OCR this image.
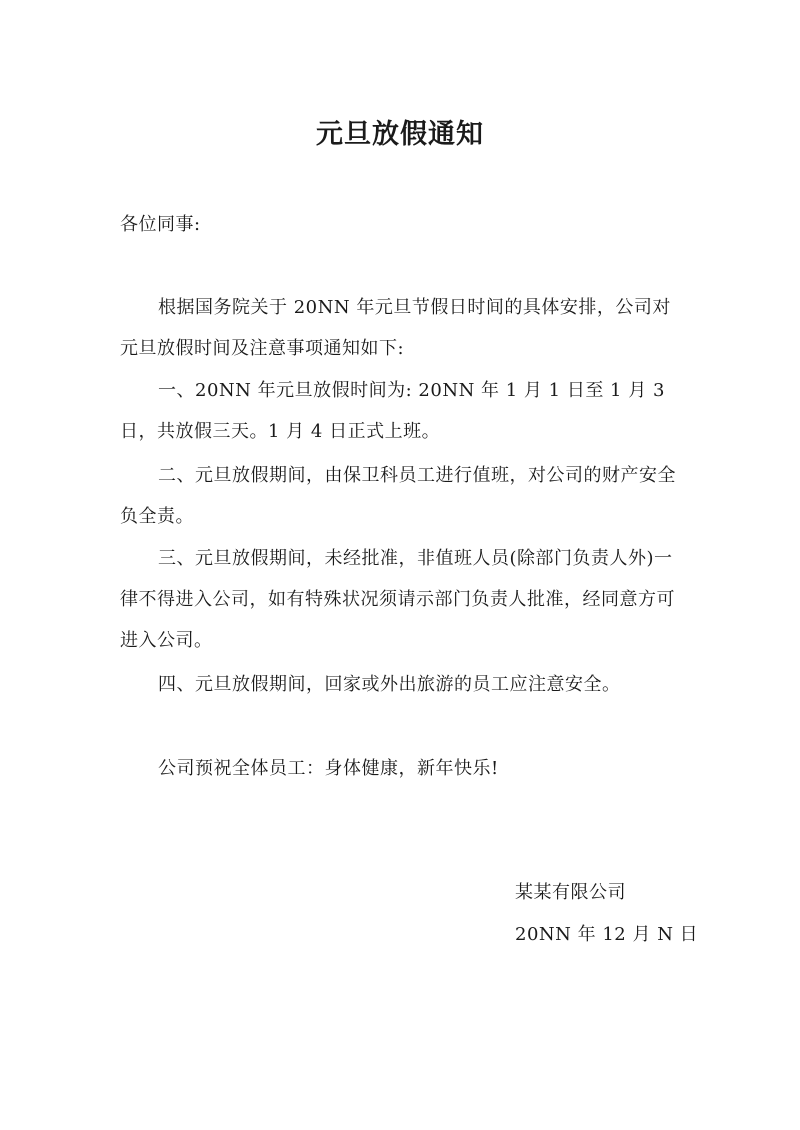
元旦放假通知
各位同事:
根据国务院关于 20NN 年元旦节假日时间的具体安排，公司对元旦放假时间及注意事项通知如下:
一、20NN 年元旦放假时间为: 20NN 年 1 月 1 日至 1 月 3 日，共放假三天。1 月 4 日正式上班。
二、元旦放假期间，由保卫科员工进行值班，对公司的财产安全负全责。
三、元旦放假期间，未经批准，非值班人员(除部门负责人外)一律不得进入公司，如有特殊状况须请示部门负责人批准，经同意方可进入公司。
四、元旦放假期间，回家或外出旅游的员工应注意安全。
公司预祝全体员工：身体健康，新年快乐!
某某有限公司
20NN 年 12 月 N 日
